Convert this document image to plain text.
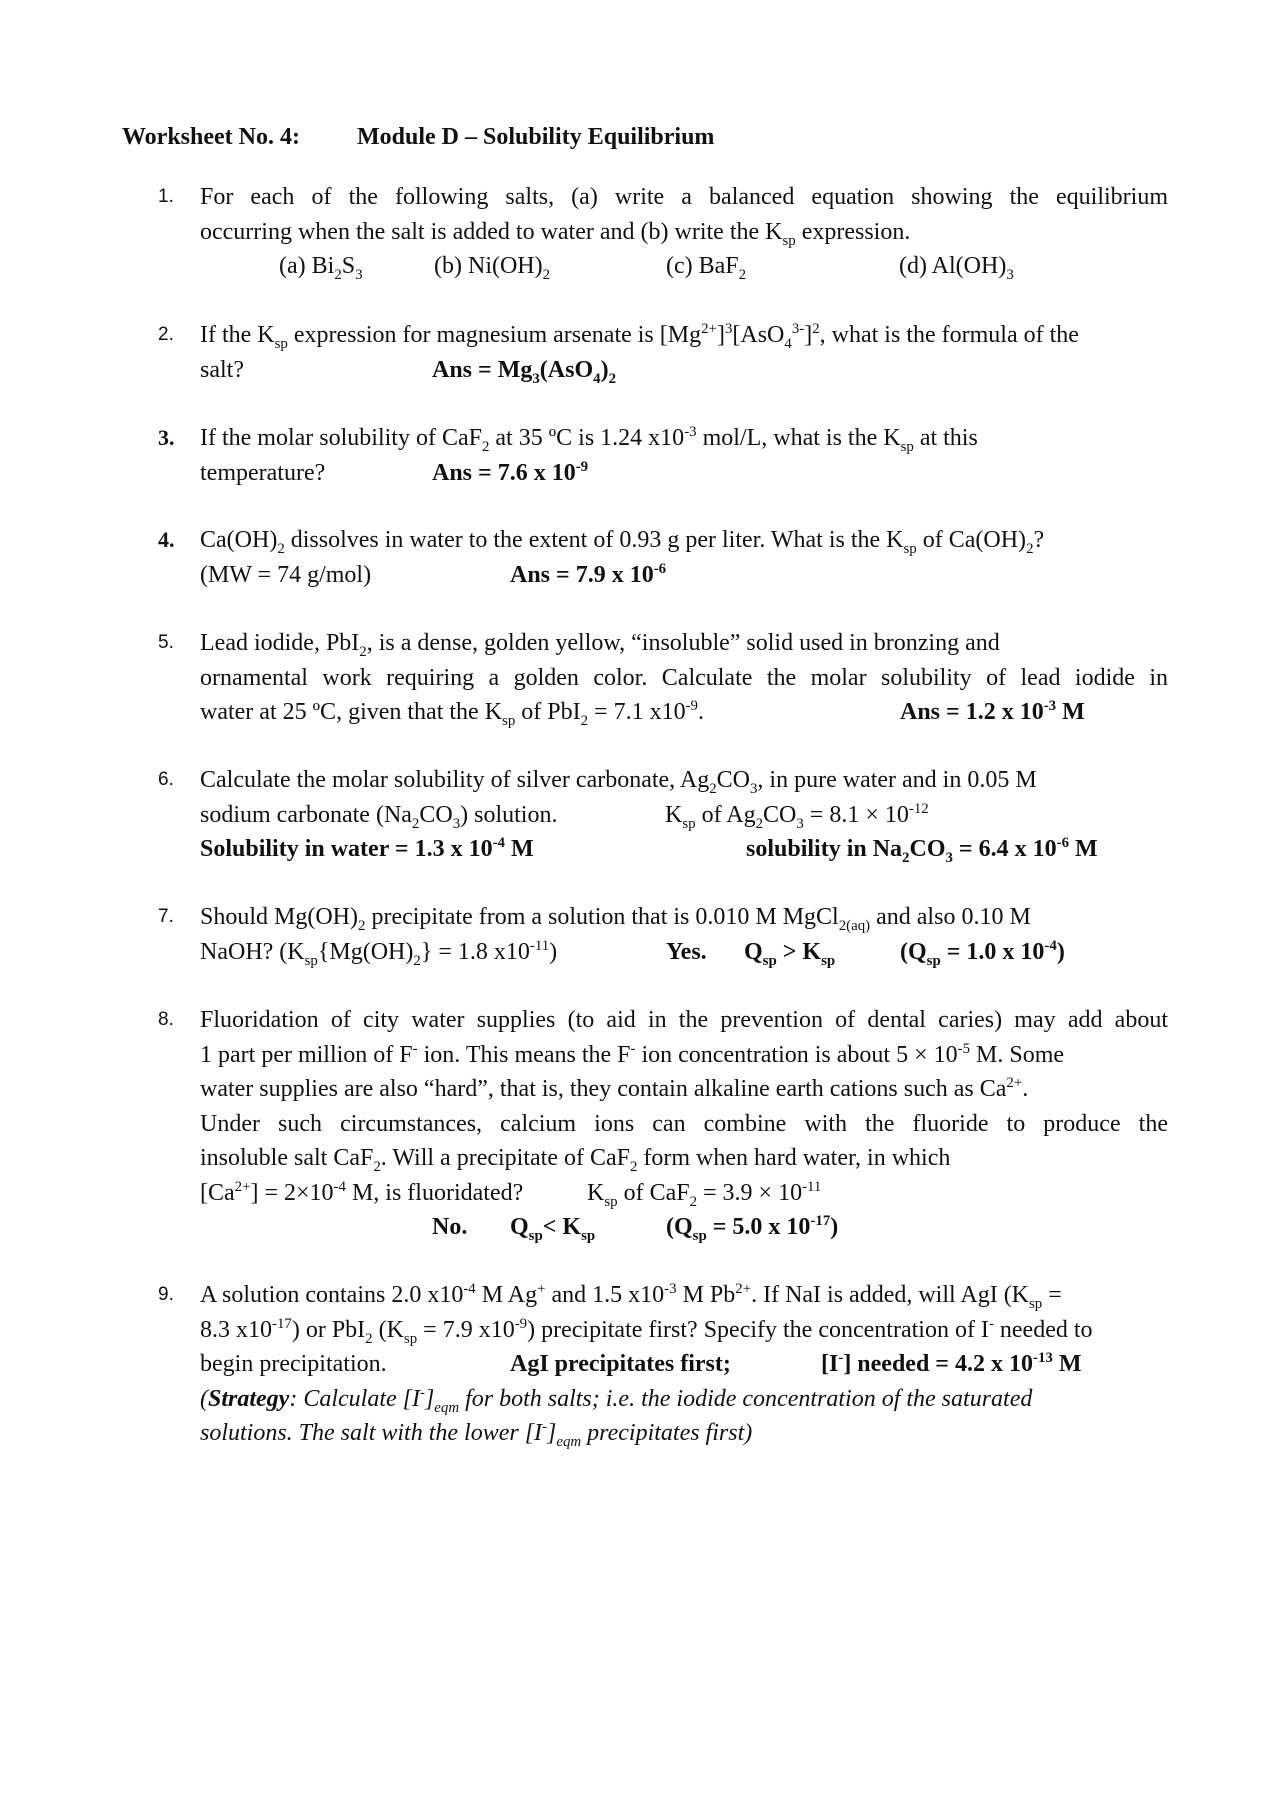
Worksheet No. 4: Module D – Solubility Equilibrium
1. For each of the following salts, (a) write a balanced equation showing the equilibrium
occurring when the salt is added to water and (b) write the $K_{sp}$ expression.
(a) $Bi_2S_3$	(b) $Ni(OH)_2$	(c) BaF$_2$	(d) $Al(OH)_3$
2. If the $K_{sp}$ expression for magnesium arsenate is $[Mg^{2+}]^3[AsO_4^{3-}]^2$, what is the formula of the
salt?	Ans = $Mg_3(AsO_4)_2$
3. If the molar solubility of CaF$_2$ at 35 ºC is 1.24 $x10^{-3}$ mol/L, what is the $K_{sp}$ at this
temperature?	Ans = 7.6 x $10^{-9}$
4. $Ca(OH)_2$ dissolves in water to the extent of 0.93 g per liter. What is the $K_{sp}$ of $Ca(OH)_2$?
(MW = 74 g/mol)	Ans = 7.9 x $10^{-6}$
5. Lead iodide, PbI$_2$, is a dense, golden yellow, “insoluble” solid used in bronzing and
ornamental work requiring a golden color. Calculate the molar solubility of lead iodide in
water at 25 ºC, given that the $K_{sp}$ of PbI$_2$ = 7.1 $x10^{-9}$.	Ans = 1.2 x $10^{-3}$ M
6. Calculate the molar solubility of silver carbonate, $Ag_2CO_3$, in pure water and in 0.05 M
sodium carbonate $(Na_2CO_3)$ solution.	$K_{sp}$ of $Ag_2CO_3 = 8.1 \times 10^{-12}$
Solubility in water = 1.3 x $10^{-4}$ M	solubility in $Na_2CO_3 = 6.4$ x $10^{-6}$ M
7. Should $Mg(OH)_2$ precipitate from a solution that is 0.010 M MgCl$_{2(aq)}$ and also 0.10 M
NaOH? ($K_{sp}\{Mg(OH)_2\} = 1.8$ $x10^{-11}$)	Yes. $Q_{sp} > K_{sp}$	($Q_{sp} = 1.0$ x $10^{-4}$)
8. Fluoridation of city water supplies (to aid in the prevention of dental caries) may add about
1 part per million of F- ion. This means the F- ion concentration is about $5 \times 10^{-5}$ M. Some
water supplies are also “hard”, that is, they contain alkaline earth cations such as $Ca^{2+}$.
Under such circumstances, calcium ions can combine with the fluoride to produce the
insoluble salt CaF$_2$. Will a precipitate of CaF$_2$ form when hard water, in which
$[Ca^{2+}] = 2\times 10^{-4}$ M, is fluoridated?	$K_{sp}$ of $CaF_2 = 3.9 \times 10^{-11}$
No. $Q_{sp}< K_{sp}$	($Q_{sp} = 5.0$ x $10^{-17}$)
9. A solution contains 2.0 $x10^{-4}$ M Ag+ and 1.5 $x10^{-3}$ M $Pb^{2+}$. If NaI is added, will AgI ($K_{sp}$ =
8.3 $x10^{-17}$) or PbI$_2$ ($K_{sp} = 7.9$ $x10^{-9}$) precipitate first? Specify the concentration of I- needed to
begin precipitation.	AgI precipitates first;	[I-] needed = 4.2 x $10^{-13}$ M
(Strategy: Calculate $[I^-]_{eqm}$ for both salts; i.e. the iodide concentration of the saturated
solutions. The salt with the lower $[I^-]_{eqm}$ precipitates first)
